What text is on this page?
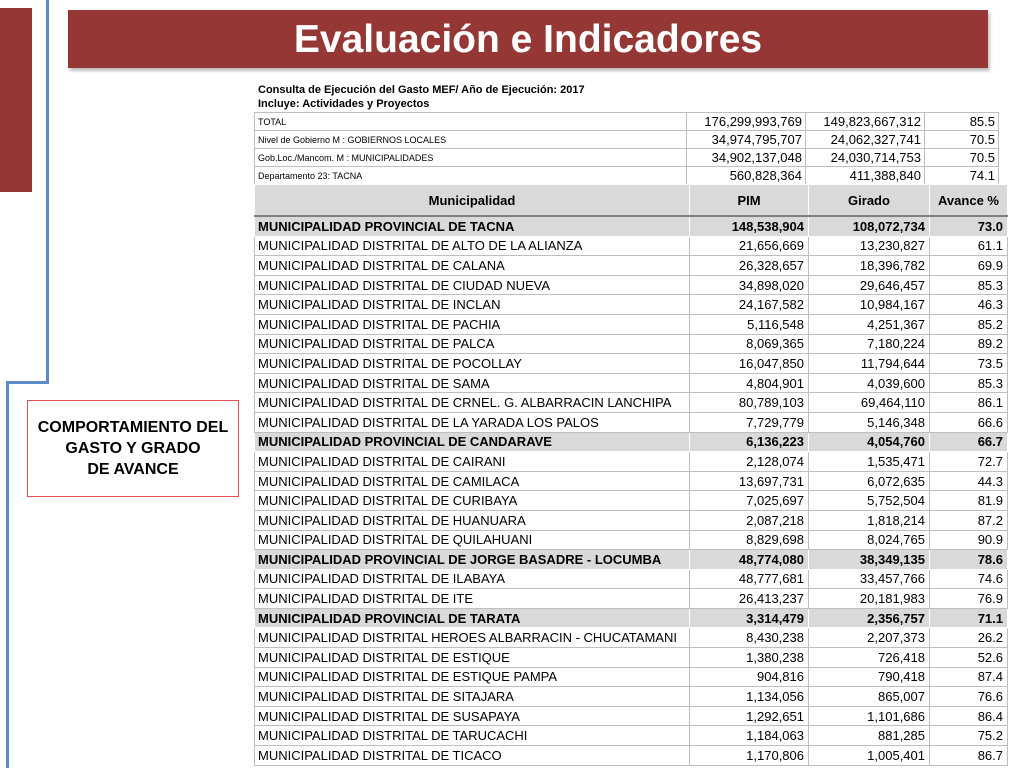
Evaluación e Indicadores
COMPORTAMIENTO DEL
GASTO Y GRADO
DE AVANCE
Consulta de Ejecución del Gasto MEF/ Año de Ejecución: 2017
Incluye: Actividades y Proyectos
TOTAL	176,299,993,769	149,823,667,312	85.5
Nivel de Gobierno M : GOBIERNOS LOCALES	34,974,795,707	24,062,327,741	70.5
Gob.Loc./Mancom. M : MUNICIPALIDADES	34,902,137,048	24,030,714,753	70.5
Departamento 23: TACNA	560,828,364	411,388,840	74.1
Municipalidad	PIM	Girado	Avance %
MUNICIPALIDAD PROVINCIAL DE TACNA	148,538,904	108,072,734	73.0
MUNICIPALIDAD DISTRITAL DE ALTO DE LA ALIANZA	21,656,669	13,230,827	61.1
MUNICIPALIDAD DISTRITAL DE CALANA	26,328,657	18,396,782	69.9
MUNICIPALIDAD DISTRITAL DE CIUDAD NUEVA	34,898,020	29,646,457	85.3
MUNICIPALIDAD DISTRITAL DE INCLAN	24,167,582	10,984,167	46.3
MUNICIPALIDAD DISTRITAL DE PACHIA	5,116,548	4,251,367	85.2
MUNICIPALIDAD DISTRITAL DE PALCA	8,069,365	7,180,224	89.2
MUNICIPALIDAD DISTRITAL DE POCOLLAY	16,047,850	11,794,644	73.5
MUNICIPALIDAD DISTRITAL DE SAMA	4,804,901	4,039,600	85.3
MUNICIPALIDAD DISTRITAL DE CRNEL. G. ALBARRACIN LANCHIPA	80,789,103	69,464,110	86.1
MUNICIPALIDAD DISTRITAL DE LA YARADA LOS PALOS	7,729,779	5,146,348	66.6
MUNICIPALIDAD PROVINCIAL DE CANDARAVE	6,136,223	4,054,760	66.7
MUNICIPALIDAD DISTRITAL DE CAIRANI	2,128,074	1,535,471	72.7
MUNICIPALIDAD DISTRITAL DE CAMILACA	13,697,731	6,072,635	44.3
MUNICIPALIDAD DISTRITAL DE CURIBAYA	7,025,697	5,752,504	81.9
MUNICIPALIDAD DISTRITAL DE HUANUARA	2,087,218	1,818,214	87.2
MUNICIPALIDAD DISTRITAL DE QUILAHUANI	8,829,698	8,024,765	90.9
MUNICIPALIDAD PROVINCIAL DE JORGE BASADRE - LOCUMBA	48,774,080	38,349,135	78.6
MUNICIPALIDAD DISTRITAL DE ILABAYA	48,777,681	33,457,766	74.6
MUNICIPALIDAD DISTRITAL DE ITE	26,413,237	20,181,983	76.9
MUNICIPALIDAD PROVINCIAL DE TARATA	3,314,479	2,356,757	71.1
MUNICIPALIDAD DISTRITAL HEROES ALBARRACIN - CHUCATAMANI	8,430,238	2,207,373	26.2
MUNICIPALIDAD DISTRITAL DE ESTIQUE	1,380,238	726,418	52.6
MUNICIPALIDAD DISTRITAL DE ESTIQUE PAMPA	904,816	790,418	87.4
MUNICIPALIDAD DISTRITAL DE SITAJARA	1,134,056	865,007	76.6
MUNICIPALIDAD DISTRITAL DE SUSAPAYA	1,292,651	1,101,686	86.4
MUNICIPALIDAD DISTRITAL DE TARUCACHI	1,184,063	881,285	75.2
MUNICIPALIDAD DISTRITAL DE TICACO	1,170,806	1,005,401	86.7
